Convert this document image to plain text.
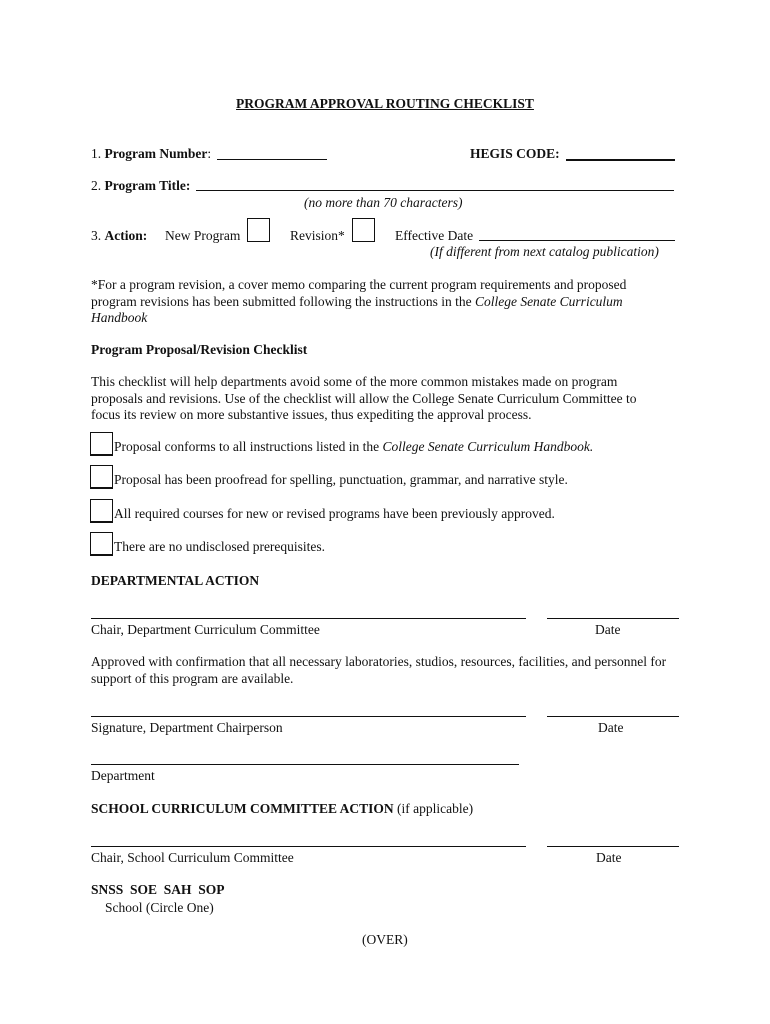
PROGRAM APPROVAL ROUTING CHECKLIST
1. Program Number:	HEGIS CODE:
2. Program Title:
(no more than 70 characters)
3. Action: New Program	Revision*	Effective Date
(If different from next catalog publication)
*For a program revision, a cover memo comparing the current program requirements and proposed program revisions has been submitted following the instructions in the College Senate Curriculum Handbook
Program Proposal/Revision Checklist
This checklist will help departments avoid some of the more common mistakes made on program proposals and revisions. Use of the checklist will allow the College Senate Curriculum Committee to focus its review on more substantive issues, thus expediting the approval process.
Proposal conforms to all instructions listed in the College Senate Curriculum Handbook.
Proposal has been proofread for spelling, punctuation, grammar, and narrative style.
All required courses for new or revised programs have been previously approved.
There are no undisclosed prerequisites.
DEPARTMENTAL ACTION
Chair, Department Curriculum Committee	Date
Approved with confirmation that all necessary laboratories, studios, resources, facilities, and personnel for support of this program are available.
Signature, Department Chairperson	Date
Department
SCHOOL CURRICULUM COMMITTEE ACTION (if applicable)
Chair, School Curriculum Committee	Date
SNSS  SOE  SAH  SOP
School (Circle One)
(OVER)
